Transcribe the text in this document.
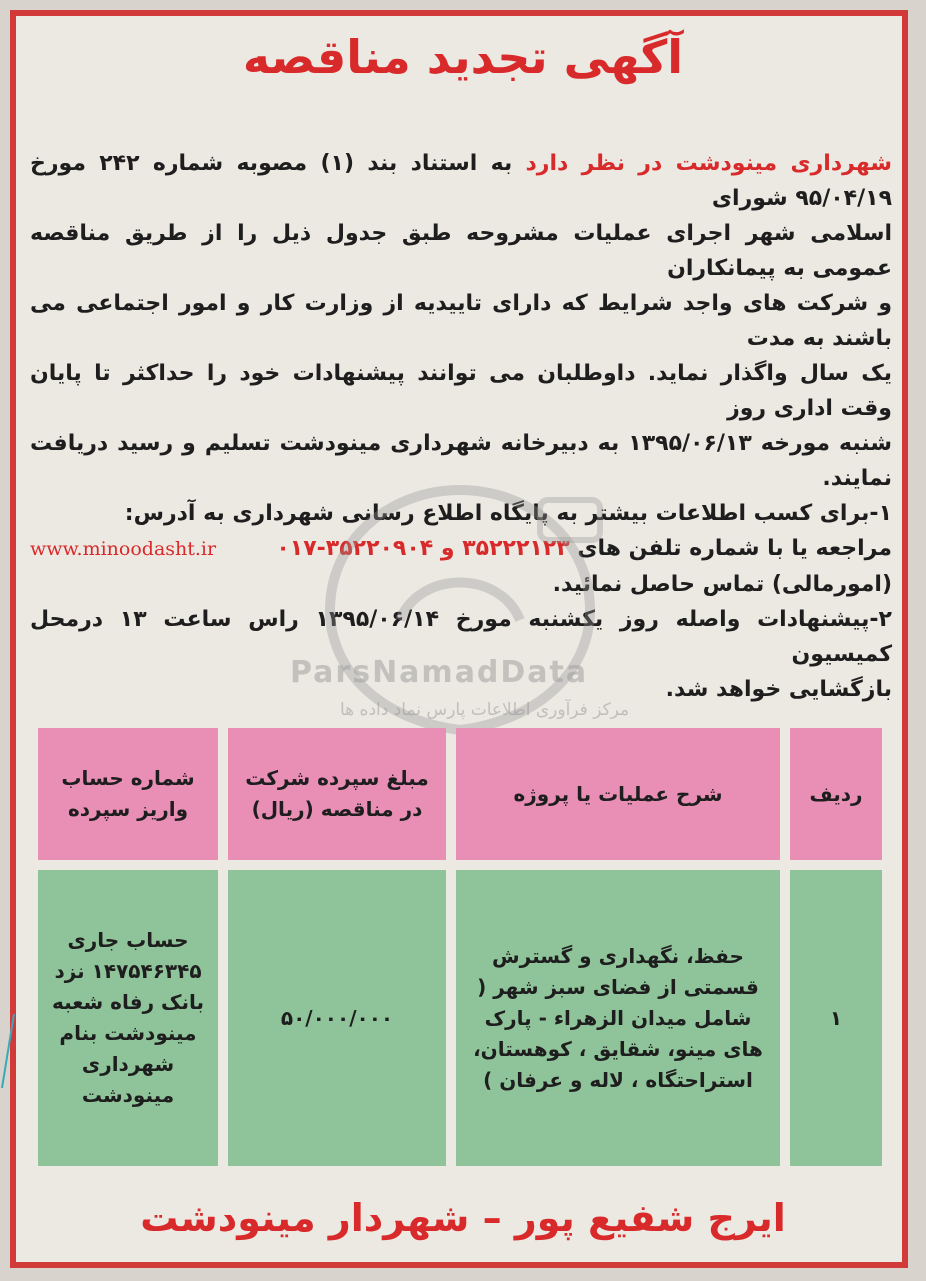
آگهی تجدید مناقصه
شهرداری مینودشت در نظر دارد به استناد بند (۱) مصوبه شماره ۲۴۲ مورخ ۹۵/۰۴/۱۹ شورای
اسلامی شهر اجرای عملیات مشروحه طبق جدول ذیل را از طریق مناقصه عمومی به پیمانکاران
و شرکت های واجد شرایط که دارای تاییدیه از وزارت کار و امور اجتماعی می باشند به مدت
یک سال واگذار نماید. داوطلبان می توانند پیشنهادات خود را حداکثر تا پایان وقت اداری روز
شنبه مورخه ۱۳۹۵/۰۶/۱۳ به دبیرخانه شهرداری مینودشت تسلیم و رسید دریافت نمایند.
۱-برای کسب اطلاعات بیشتر به پایگاه اطلاع رسانی شهرداری به آدرس:
مراجعه یا با شماره تلفن های ۳۵۲۲۲۱۲۳ و ۰۱۷-۳۵۲۲۰۹۰۴
www.minoodasht.ir
(امورمالی) تماس حاصل نمائید.
۲-پیشنهادات واصله روز یکشنبه مورخ ۱۳۹۵/۰۶/۱۴ راس ساعت ۱۳ درمحل کمیسیون
بازگشایی خواهد شد.
ParsNamadData
مرکز فرآوری اطلاعات پارس نماد داده ها
ردیف
شرح عملیات یا پروژه
مبلغ سپرده شرکت در مناقصه (ریال)
شماره حساب واریز سپرده
۱
حفظ، نگهداری و گسترش قسمتی از فضای سبز شهر ( شامل میدان الزهراء - پارک های مینو، شقایق ، کوهستان، استراحتگاه ، لاله و عرفان )
۵۰/۰۰۰/۰۰۰
حساب جاری ۱۴۷۵۴۶۳۴۵ نزد بانک رفاه شعبه مینودشت بنام شهرداری مینودشت
ایرج شفیع پور – شهردار مینودشت
